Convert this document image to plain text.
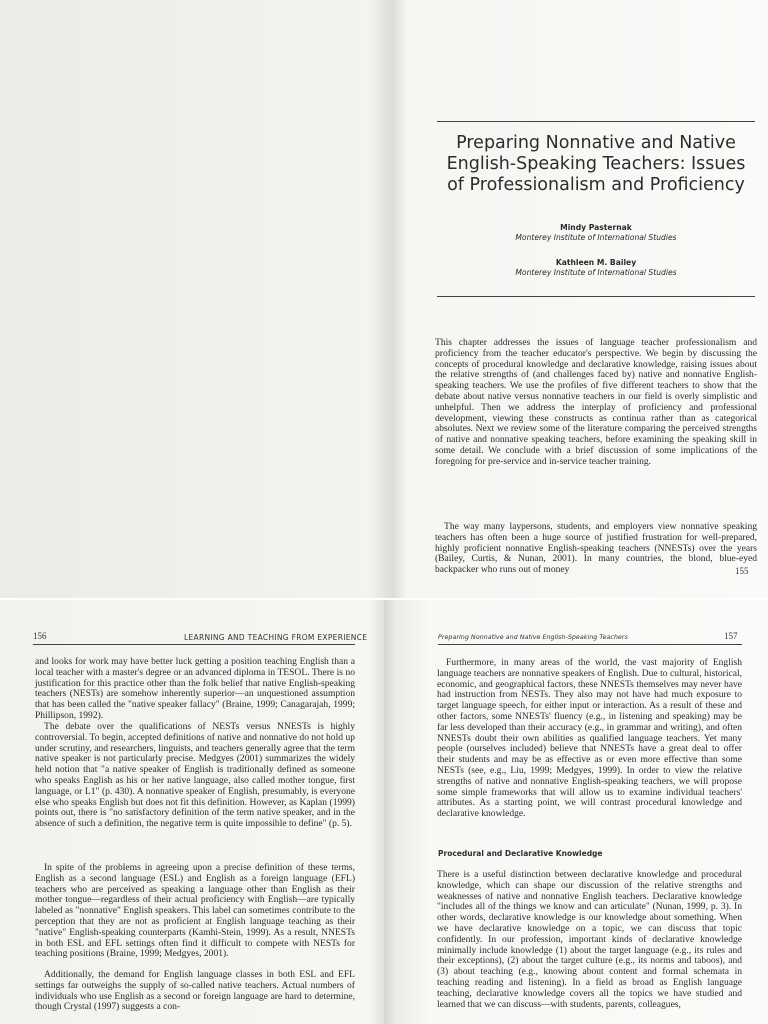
Preparing Nonnative and Native
English-Speaking Teachers: Issues
of Professionalism and Proficiency
Mindy Pasternak
Monterey Institute of International Studies
Kathleen M. Bailey
Monterey Institute of International Studies

This chapter addresses the issues of language teacher professionalism and proficiency from the teacher educator's perspective. We begin by discussing the concepts of procedural knowledge and declarative knowledge, raising issues about the relative strengths of (and challenges faced by) native and nonnative English-speaking teachers. We use the profiles of five different teachers to show that the debate about native versus nonnative teachers in our field is overly simplistic and unhelpful. Then we address the interplay of proficiency and professional development, viewing these constructs as continua rather than as categorical absolutes. Next we review some of the literature comparing the perceived strengths of native and nonnative speaking teachers, before examining the speaking skill in some detail. We conclude with a brief discussion of some implications of the foregoing for pre-service and in-service teacher training.

The way many laypersons, students, and employers view nonnative speaking teachers has often been a huge source of justified frustration for well-prepared, highly proficient nonnative English-speaking teachers (NNESTs) over the years (Bailey, Curtis, & Nunan, 2001). In many countries, the blond, blue-eyed backpacker who runs out of money	155
156	LEARNING AND TEACHING FROM EXPERIENCE

and looks for work may have better luck getting a position teaching English than a local teacher with a master's degree or an advanced diploma in TESOL. There is no justification for this practice other than the folk belief that native English-speaking teachers (NESTs) are somehow inherently superior—an unquestioned assumption that has been called the "native speaker fallacy" (Braine, 1999; Canagarajah, 1999; Phillipson, 1992).

The debate over the qualifications of NESTs versus NNESTs is highly controversial. To begin, accepted definitions of native and nonnative do not hold up under scrutiny, and researchers, linguists, and teachers generally agree that the term native speaker is not particularly precise. Medgyes (2001) summarizes the widely held notion that "a native speaker of English is traditionally defined as someone who speaks English as his or her native language, also called mother tongue, first language, or L1" (p. 430). A nonnative speaker of English, presumably, is everyone else who speaks English but does not fit this definition. However, as Kaplan (1999) points out, there is "no satisfactory definition of the term native speaker, and in the absence of such a definition, the negative term is quite impossible to define" (p. 5).

In spite of the problems in agreeing upon a precise definition of these terms, English as a second language (ESL) and English as a foreign language (EFL) teachers who are perceived as speaking a language other than English as their mother tongue—regardless of their actual proficiency with English—are typically labeled as "nonnative" English speakers. This label can sometimes contribute to the perception that they are not as proficient at English language teaching as their "native" English-speaking counterparts (Kamhi-Stein, 1999). As a result, NNESTs in both ESL and EFL settings often find it difficult to compete with NESTs for teaching positions (Braine, 1999; Medgyes, 2001).

Additionally, the demand for English language classes in both ESL and EFL settings far outweighs the supply of so-called native teachers. Actual numbers of individuals who use English as a second or foreign language are hard to determine, though Crystal (1997) suggests a con-

Preparing Nonnative and Native English-Speaking Teachers	157

Furthermore, in many areas of the world, the vast majority of English language teachers are nonnative speakers of English. Due to cultural, historical, economic, and geographical factors, these NNESTs themselves may never have had instruction from NESTs. They also may not have had much exposure to target language speech, for either input or interaction. As a result of these and other factors, some NNESTs' fluency (e.g., in listening and speaking) may be far less developed than their accuracy (e.g., in grammar and writing), and often NNESTs doubt their own abilities as qualified language teachers. Yet many people (ourselves included) believe that NNESTs have a great deal to offer their students and may be as effective as or even more effective than some NESTs (see, e.g., Liu, 1999; Medgyes, 1999). In order to view the relative strengths of native and nonnative English-speaking teachers, we will propose some simple frameworks that will allow us to examine individual teachers' attributes. As a starting point, we will contrast procedural knowledge and declarative knowledge.

Procedural and Declarative Knowledge

There is a useful distinction between declarative knowledge and procedural knowledge, which can shape our discussion of the relative strengths and weaknesses of native and nonnative English teachers. Declarative knowledge "includes all of the things we know and can articulate" (Nunan, 1999, p. 3). In other words, declarative knowledge is our knowledge about something. When we have declarative knowledge on a topic, we can discuss that topic confidently. In our profession, important kinds of declarative knowledge minimally include knowledge (1) about the target language (e.g., its rules and their exceptions), (2) about the target culture (e.g., its norms and taboos), and (3) about teaching (e.g., knowing about content and formal schemata in teaching reading and listening). In a field as broad as English language teaching, declarative knowledge covers all the topics we have studied and learned that we can discuss—with students, parents, colleagues,
